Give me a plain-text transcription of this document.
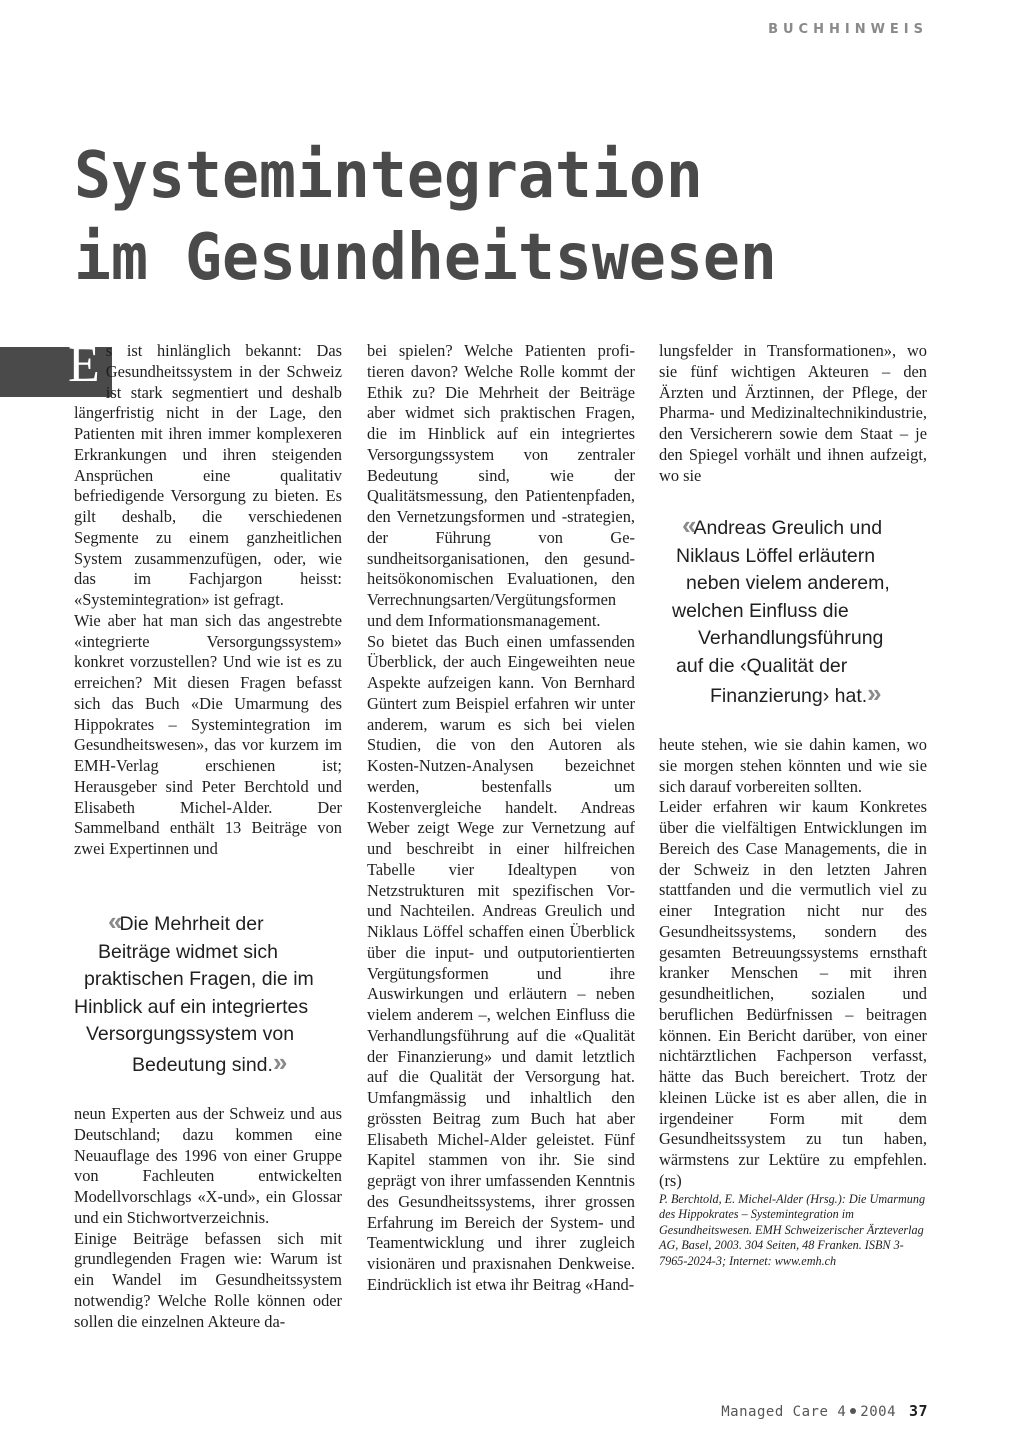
BUCHHINWEIS
Systemintegration
im Gesundheitswesen

Es ist hinlänglich bekannt: Das Gesundheitssystem in der Schweiz ist stark segmentiert und deshalb längerfristig nicht in der Lage, den Patienten mit ihren immer komplexeren Erkrankungen und ihren steigenden Ansprüchen eine qualitativ befriedigende Versorgung zu bieten. Es gilt deshalb, die verschiedenen Segmente zu einem ganzheitlichen System zusammenzufügen, oder, wie das im Fachjargon heisst: «Systemintegration» ist gefragt.

Wie aber hat man sich das angestrebte «integrierte Versorgungssystem» konkret vorzustellen? Und wie ist es zu erreichen? Mit diesen Fragen befasst sich das Buch «Die Umarmung des Hippokrates – Systemintegration im Gesundheitswesen», das vor kurzem im EMH-Verlag erschienen ist; Herausgeber sind Peter Berchtold und Elisabeth Michel-Alder. Der Sammelband enthält 13 Beiträge von zwei Expertinnen und

«Die Mehrheit der
Beiträge widmet sich
praktischen Fragen, die im
Hinblick auf ein integriertes
Versorgungssystem von
Bedeutung sind.»

neun Experten aus der Schweiz und aus Deutschland; dazu kommen eine Neuauflage des 1996 von einer Gruppe von Fachleuten entwickelten Modellvorschlags «X-und», ein Glossar und ein Stichwortverzeichnis.

Einige Beiträge befassen sich mit grundlegenden Fragen wie: Warum ist ein Wandel im Gesundheitssystem notwendig? Welche Rolle können oder sollen die einzelnen Akteure da-

bei spielen? Welche Patienten profitieren davon? Welche Rolle kommt der Ethik zu? Die Mehrheit der Beiträge aber widmet sich praktischen Fragen, die im Hinblick auf ein integriertes Versorgungssystem von zentraler Bedeutung sind, wie der Qualitätsmessung, den Patientenpfaden, den Vernetzungsformen und -strategien, der Führung von Gesundheitsorganisationen, den gesundheitsökonomischen Evaluationen, den Verrechnungsarten/Vergütungsformen und dem Informationsmanagement.

So bietet das Buch einen umfassenden Überblick, der auch Eingeweihten neue Aspekte aufzeigen kann. Von Bernhard Güntert zum Beispiel erfahren wir unter anderem, warum es sich bei vielen Studien, die von den Autoren als Kosten-Nutzen-Analysen bezeichnet werden, bestenfalls um Kostenvergleiche handelt. Andreas Weber zeigt Wege zur Vernetzung auf und beschreibt in einer hilfreichen Tabelle vier Idealtypen von Netzstrukturen mit spezifischen Vor- und Nachteilen. Andreas Greulich und Niklaus Löffel schaffen einen Überblick über die input- und outputorientierten Vergütungsformen und ihre Auswirkungen und erläutern – neben vielem anderem –, welchen Einfluss die Verhandlungsführung auf die «Qualität der Finanzierung» und damit letztlich auf die Qualität der Versorgung hat. Umfangmässig und inhaltlich den grössten Beitrag zum Buch hat aber Elisabeth Michel-Alder geleistet. Fünf Kapitel stammen von ihr. Sie sind geprägt von ihrer umfassenden Kenntnis des Gesundheitssystems, ihrer grossen Erfahrung im Bereich der System- und Teamentwicklung und ihrer zugleich visionären und praxisnahen Denkweise. Eindrücklich ist etwa ihr Beitrag «Hand-

lungsfelder in Transformationen», wo sie fünf wichtigen Akteuren – den Ärzten und Ärztinnen, der Pflege, der Pharma- und Medizinaltechnikindustrie, den Versicherern sowie dem Staat – je den Spiegel vorhält und ihnen aufzeigt, wo sie

«Andreas Greulich und
Niklaus Löffel erläutern
neben vielem anderem,
welchen Einfluss die
Verhandlungsführung
auf die ‹Qualität der
Finanzierung› hat.»

heute stehen, wie sie dahin kamen, wo sie morgen stehen könnten und wie sie sich darauf vorbereiten sollten.

Leider erfahren wir kaum Konkretes über die vielfältigen Entwicklungen im Bereich des Case Managements, die in der Schweiz in den letzten Jahren stattfanden und die vermutlich viel zu einer Integration nicht nur des Gesundheitssystems, sondern des gesamten Betreuungssystems ernsthaft kranker Menschen – mit ihren gesundheitlichen, sozialen und beruflichen Bedürfnissen – beitragen können. Ein Bericht darüber, von einer nichtärztlichen Fachperson verfasst, hätte das Buch bereichert. Trotz der kleinen Lücke ist es aber allen, die in irgendeiner Form mit dem Gesundheitssystem zu tun haben, wärmstens zur Lektüre zu empfehlen. (rs)

P. Berchtold, E. Michel-Alder (Hrsg.): Die Umarmung des Hippokrates – Systemintegration im Gesundheitswesen. EMH Schweizerischer Ärzteverlag AG, Basel, 2003. 304 Seiten, 48 Franken. ISBN 3-7965-2024-3; Internet: www.emh.ch

Managed Care 4 2004 37
